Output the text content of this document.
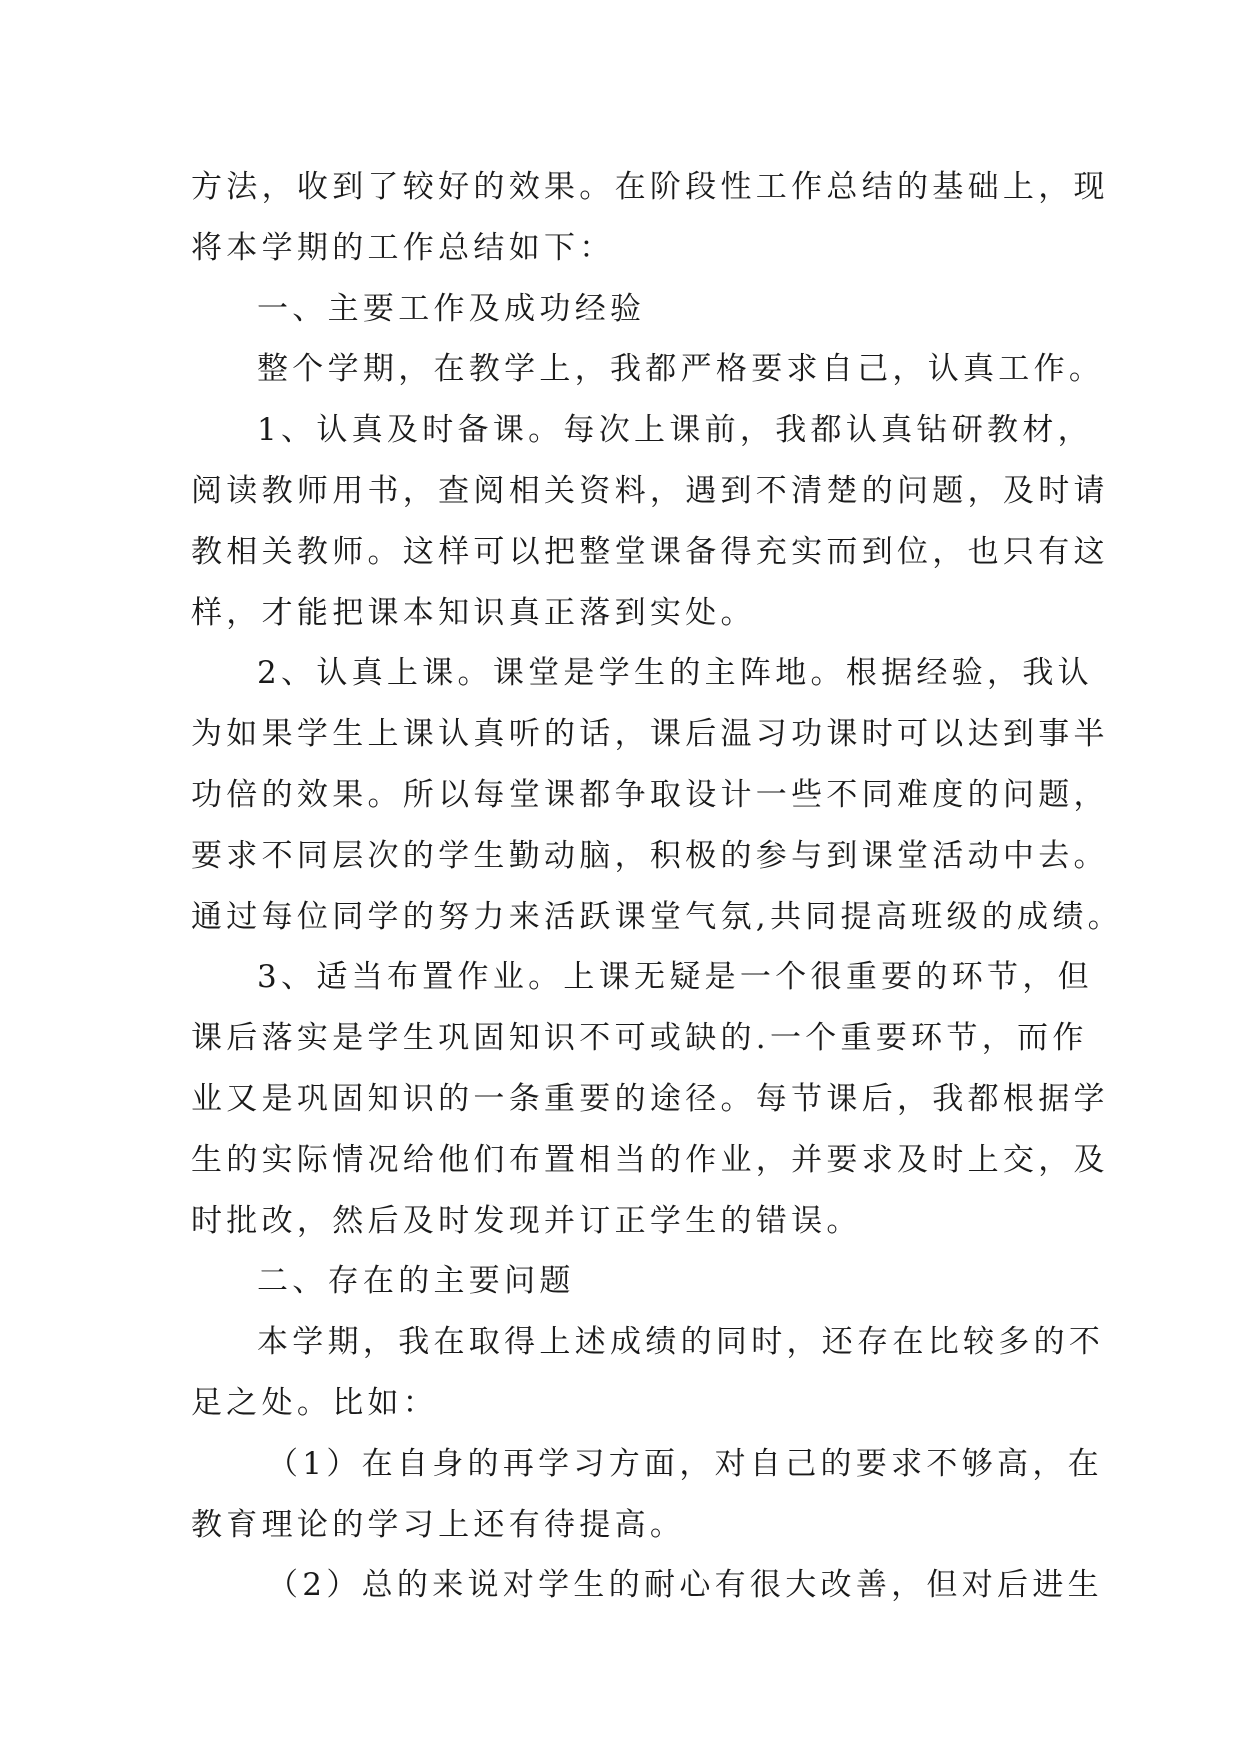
方法，收到了较好的效果。在阶段性工作总结的基础上，现

将本学期的工作总结如下：

一、主要工作及成功经验

整个学期，在教学上，我都严格要求自己，认真工作。

1、认真及时备课。每次上课前，我都认真钻研教材，

阅读教师用书，查阅相关资料，遇到不清楚的问题，及时请

教相关教师。这样可以把整堂课备得充实而到位，也只有这

样，才能把课本知识真正落到实处。

2、认真上课。课堂是学生的主阵地。根据经验，我认

为如果学生上课认真听的话，课后温习功课时可以达到事半

功倍的效果。所以每堂课都争取设计一些不同难度的问题，

要求不同层次的学生勤动脑，积极的参与到课堂活动中去。

通过每位同学的努力来活跃课堂气氛,共同提高班级的成绩。

3、适当布置作业。上课无疑是一个很重要的环节，但

课后落实是学生巩固知识不可或缺的.一个重要环节，而作

业又是巩固知识的一条重要的途径。每节课后，我都根据学

生的实际情况给他们布置相当的作业，并要求及时上交，及

时批改，然后及时发现并订正学生的错误。

二、存在的主要问题

本学期，我在取得上述成绩的同时，还存在比较多的不

足之处。比如：

（1）在自身的再学习方面，对自己的要求不够高，在

教育理论的学习上还有待提高。

（2）总的来说对学生的耐心有很大改善，但对后进生
